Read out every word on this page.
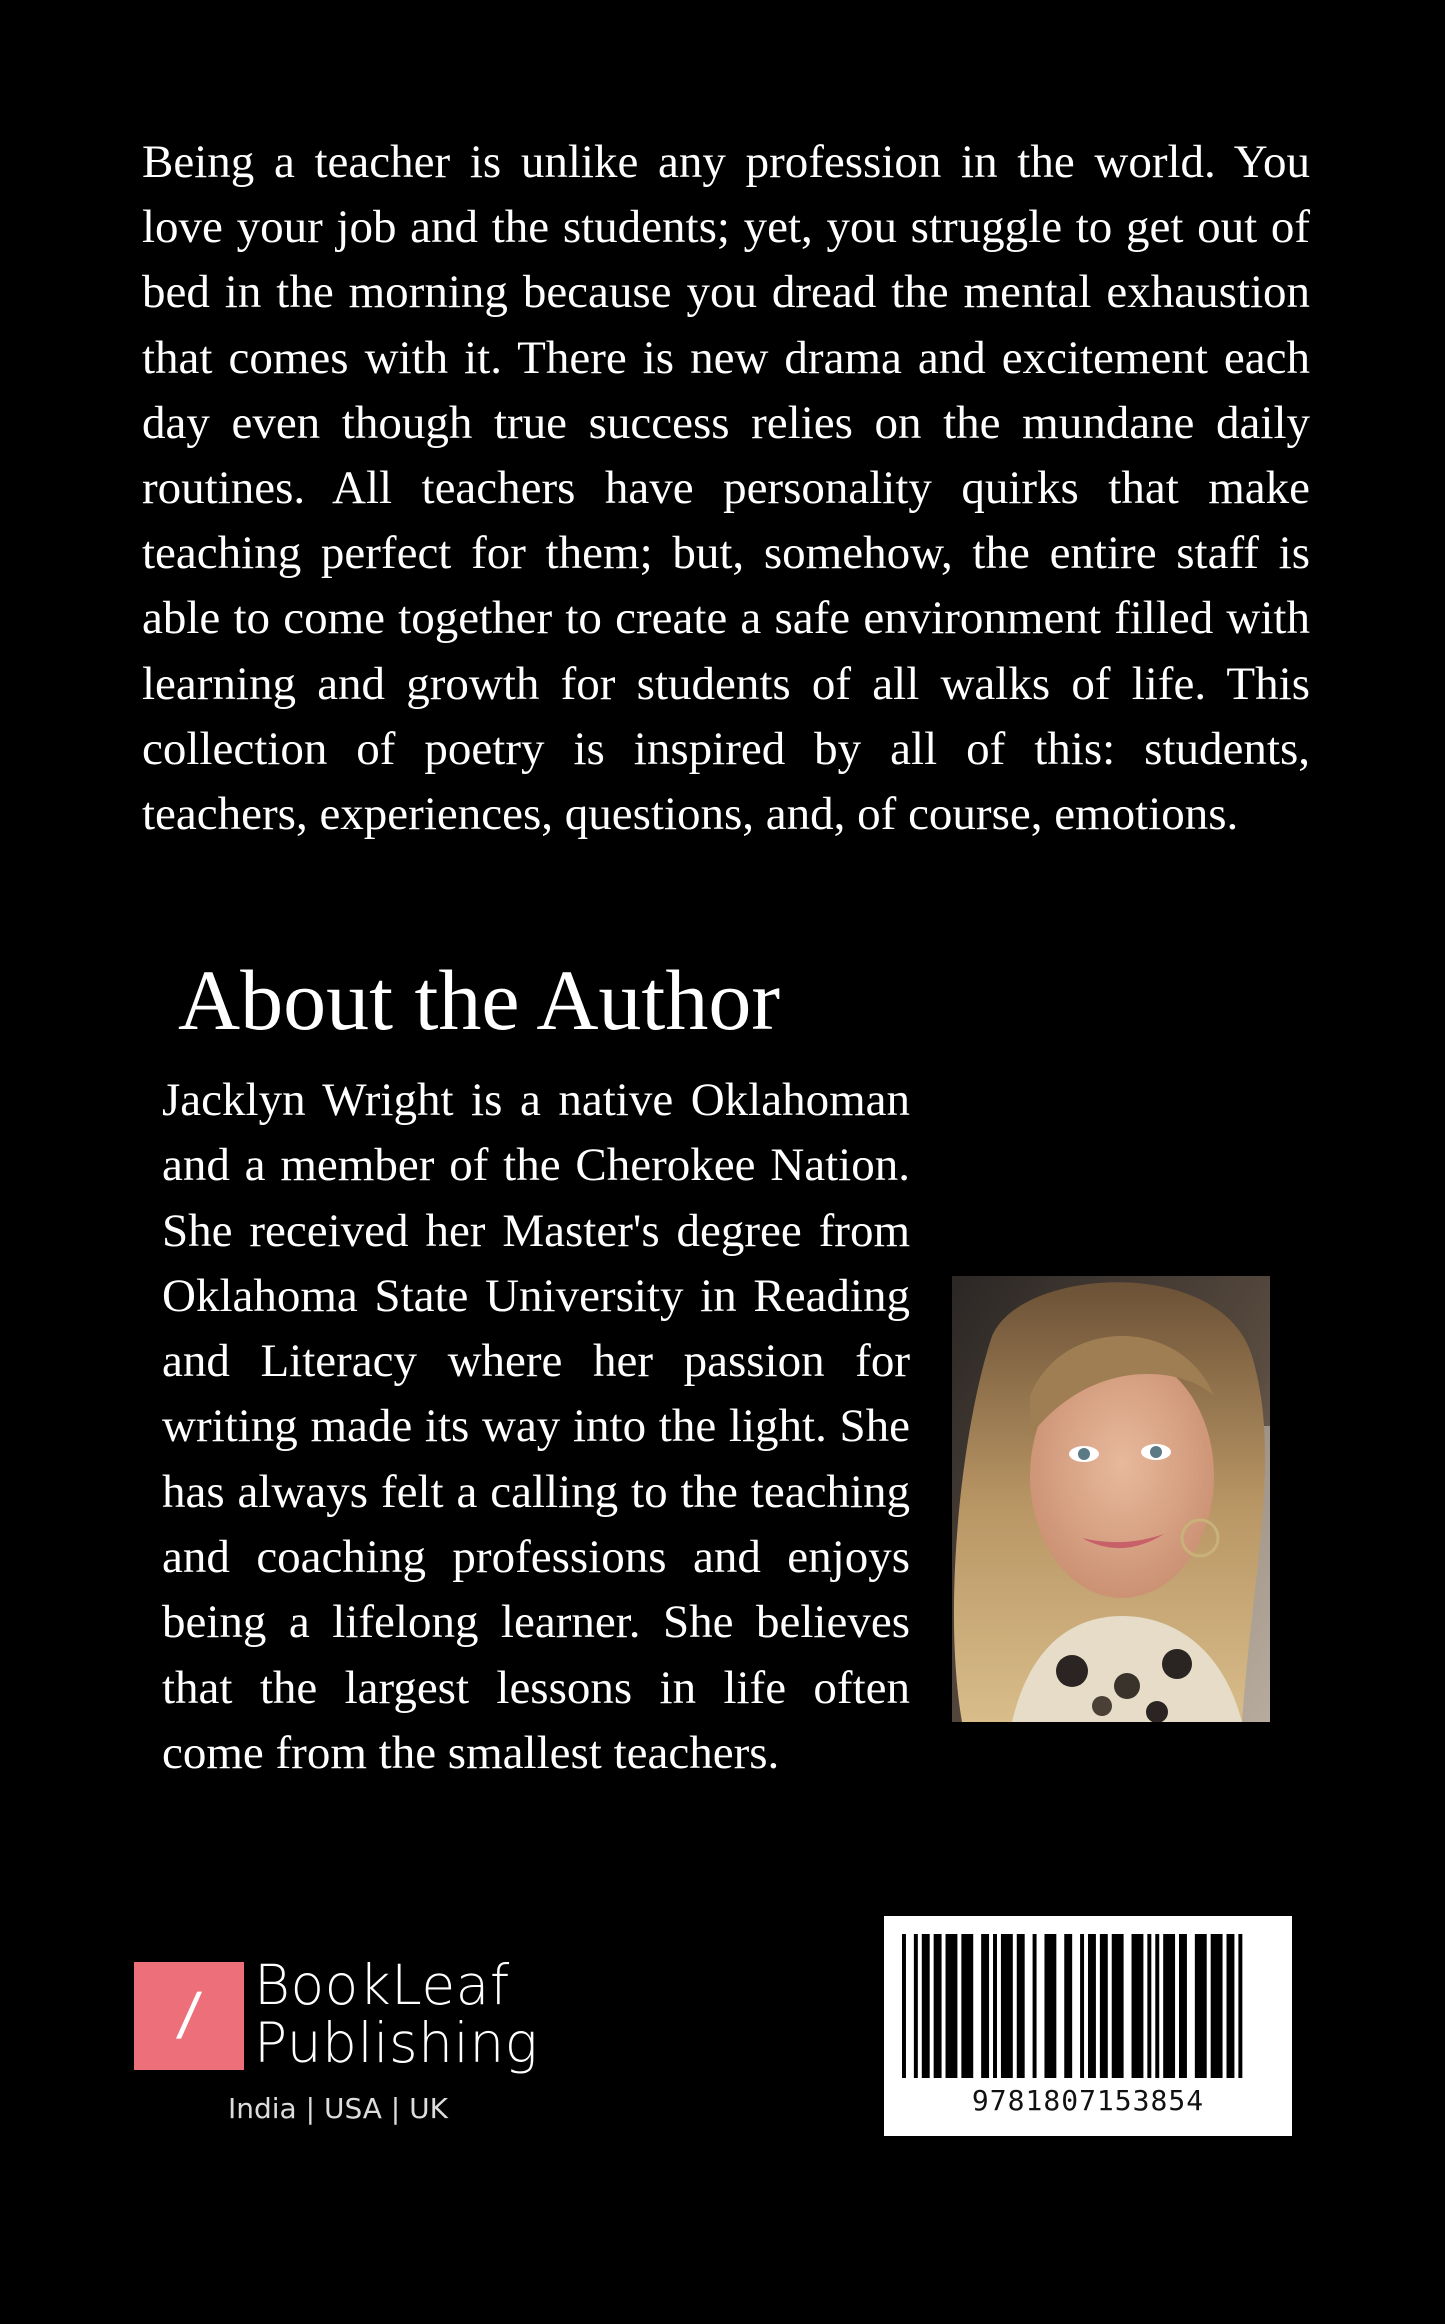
Being a teacher is unlike any profession in the world. You love your job and the students; yet, you struggle to get out of bed in the morning because you dread the mental exhaustion that comes with it. There is new drama and excitement each day even though true success relies on the mundane daily routines. All teachers have personality quirks that make teaching perfect for them; but, somehow, the entire staff is able to come together to create a safe environment filled with learning and growth for students of all walks of life. This collection of poetry is inspired by all of this: students, teachers, experiences, questions, and, of course, emotions.
About the Author
Jacklyn Wright is a native Oklahoman and a member of the Cherokee Nation. She received her Master's degree from Oklahoma State University in Reading and Literacy where her passion for writing made its way into the light. She has always felt a calling to the teaching and coaching professions and enjoys being a lifelong learner. She believes that the largest lessons in life often come from the smallest teachers.
/ BookLeaf
Publishing
India | USA | UK	9781807153854
